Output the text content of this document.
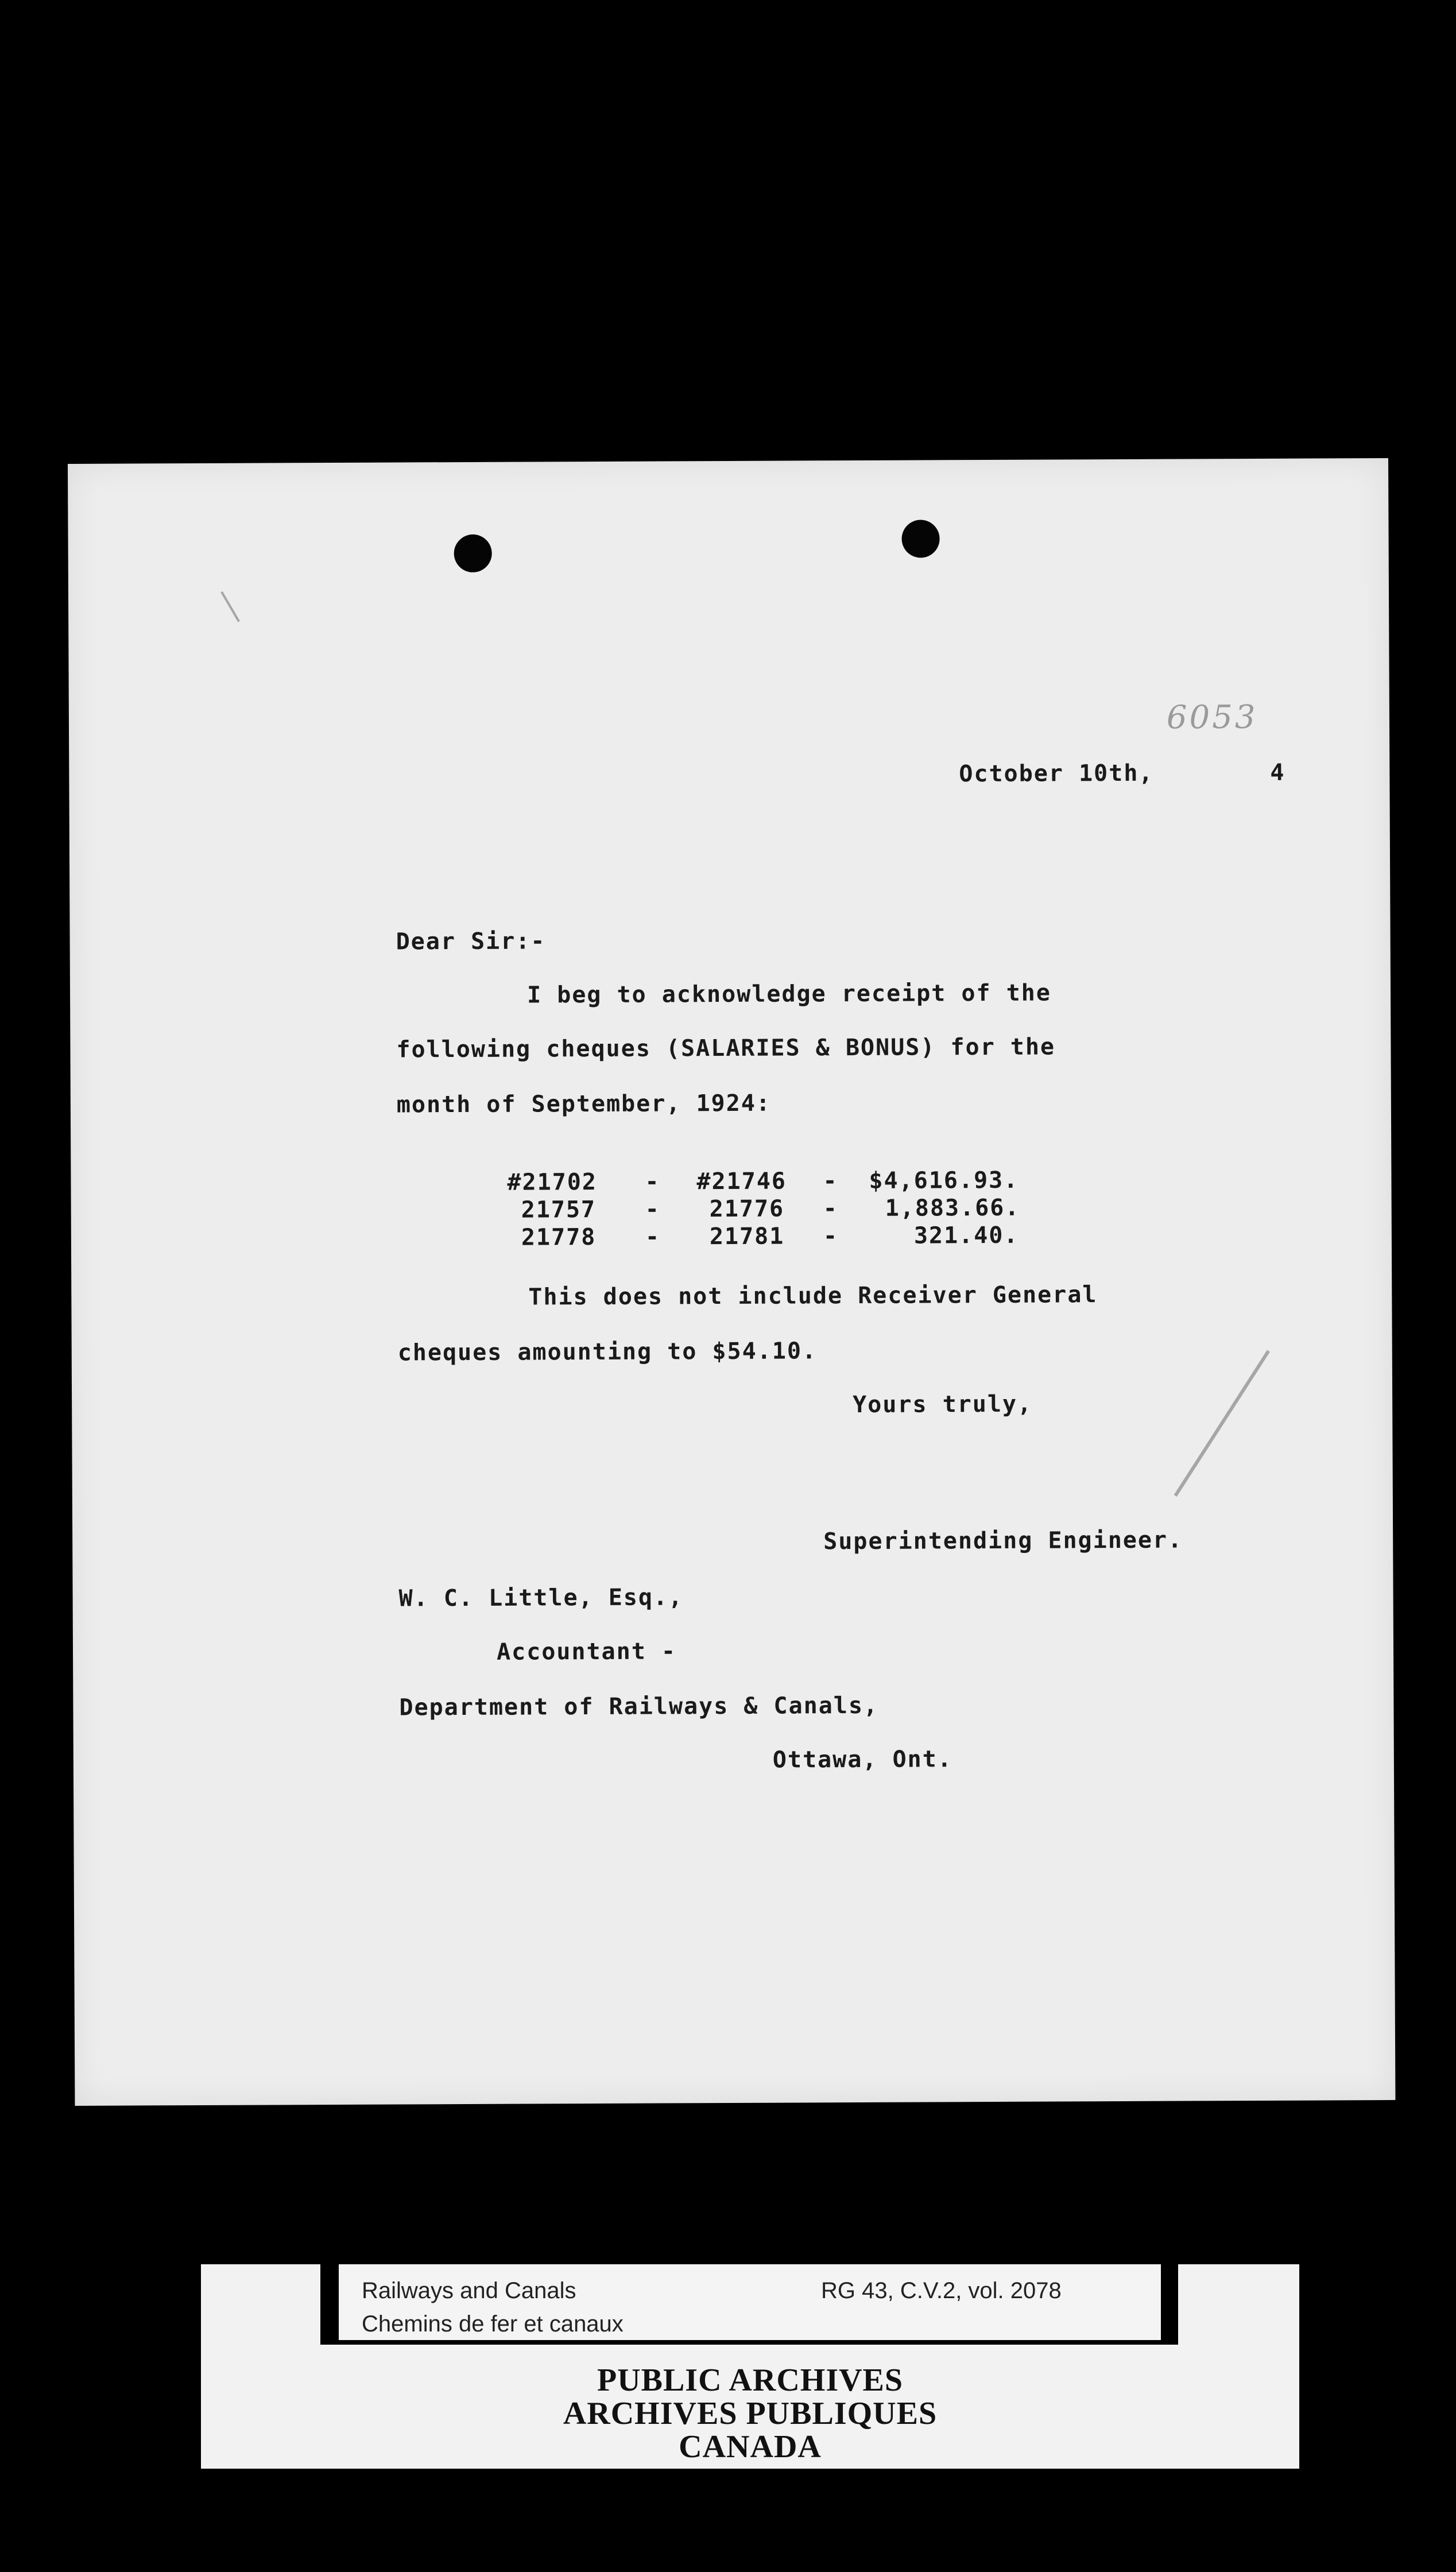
6053
October 10th,	4
Dear Sir:-
I beg to acknowledge receipt of the
following cheques (SALARIES & BONUS) for the
month of September, 1924:
#21702 - #21746 - $4,616.93.
21757 - 21776 - 1,883.66.
21778 - 21781 -	321.40.
This does not include Receiver General
cheques amounting to $54.10.
Yours truly,
Superintending Engineer.
W. C. Little, Esq.,
Accountant -
Department of Railways & Canals,
Ottawa, Ont.
Railways and Canals
Chemins de fer et canaux
RG 43, C.V.2, vol. 2078
PUBLIC ARCHIVES
ARCHIVES PUBLIQUES
CANADA
